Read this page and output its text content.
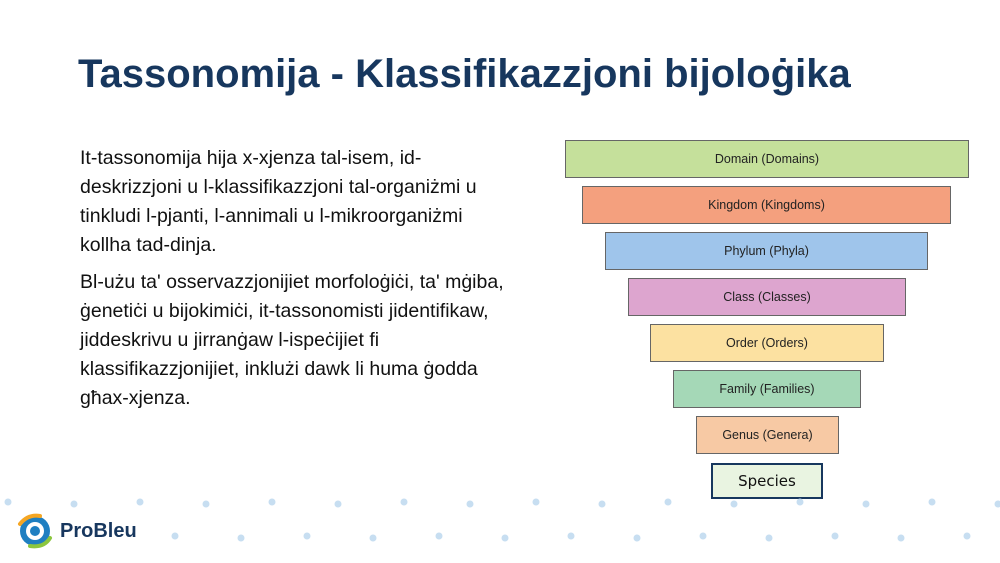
Tassonomija - Klassifikazzjoni bijoloġika

It-tassonomija hija x-xjenza tal-isem, id-deskrizzjoni u l-klassifikazzjoni tal-organiżmi u tinkludi l-pjanti, l-annimali u l-mikroorganiżmi kollha tad-dinja.

Bl-użu ta' osservazzjonijiet morfoloġiċi, ta' mġiba, ġenetiċi u bijokimiċi, it-tassonomisti jidentifikaw, jiddeskrivu u jirranġaw l-ispeċijiet fi klassifikazzjonijiet, inklużi dawk li huma ġodda għax-xjenza.

Domain (Domains)
Kingdom (Kingdoms)
Phylum (Phyla)
Class (Classes)
Order (Orders)
Family (Families)
Genus (Genera)
Species
ProBleu
